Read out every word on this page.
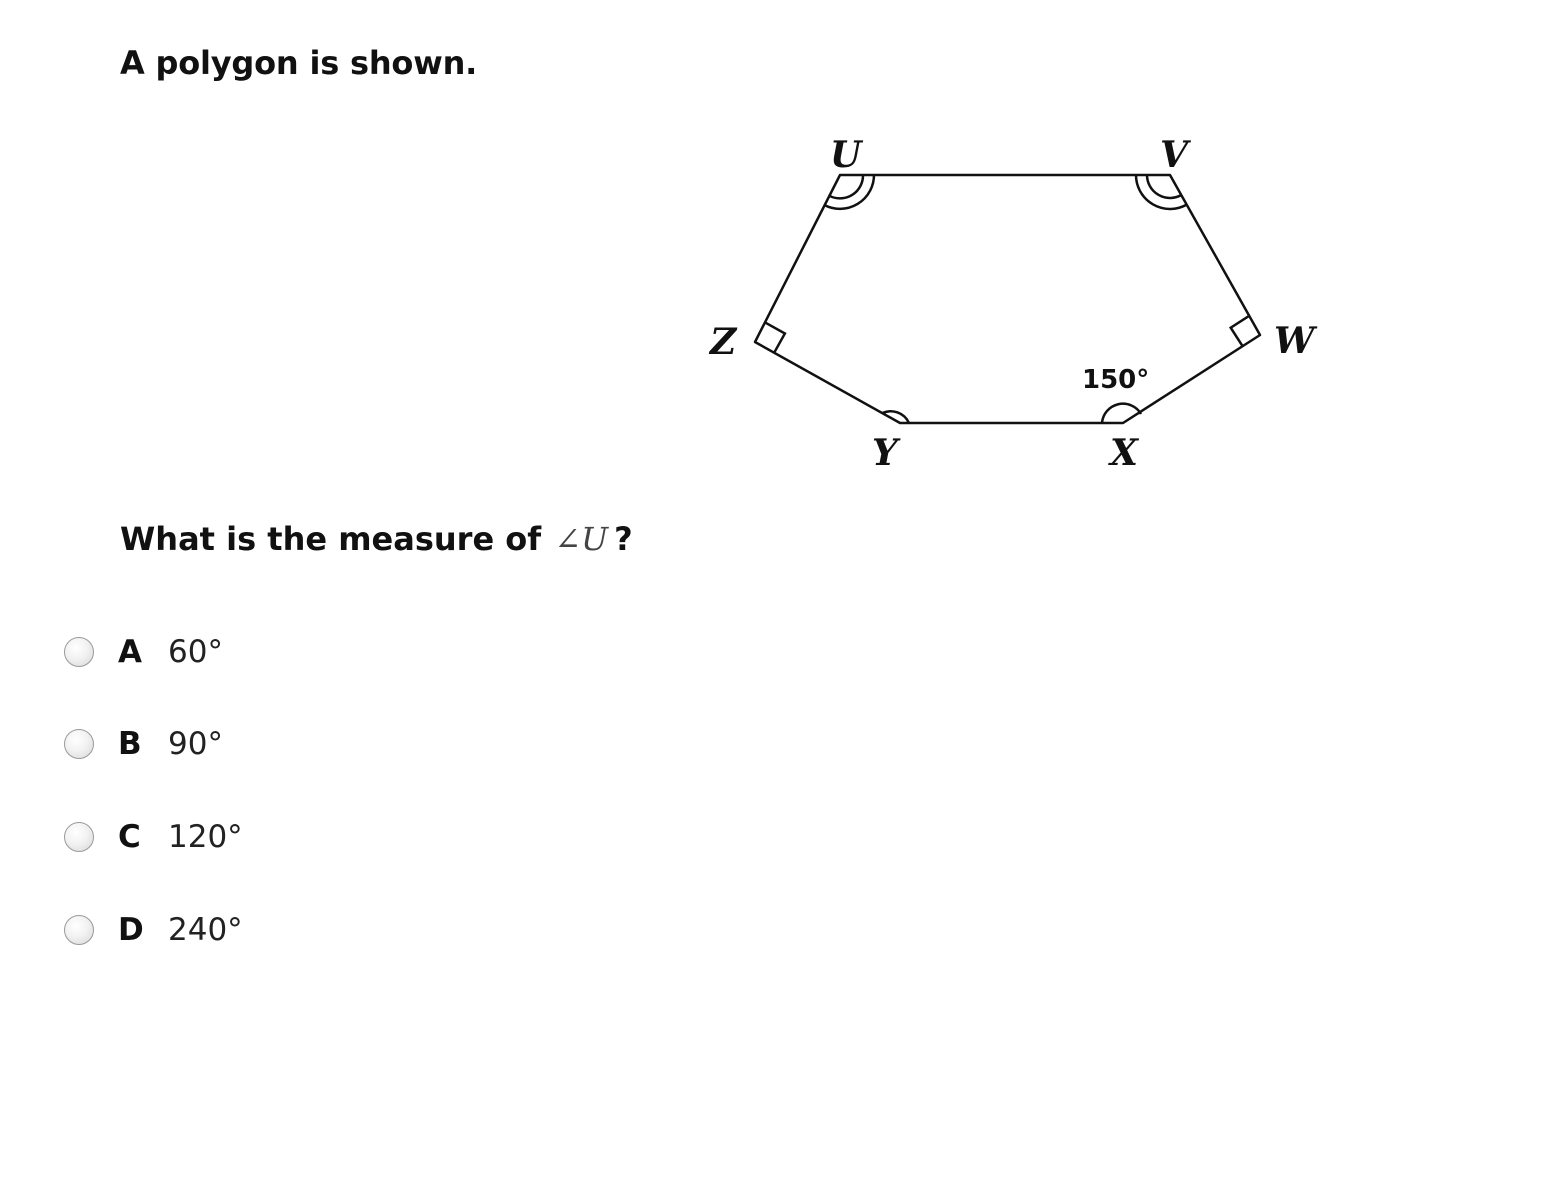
A polygon is shown.

U	V
W
X
Y
Z
150°

What is the measure of ∠U ?

A 60°
B 90°
C 120°
D 240°
